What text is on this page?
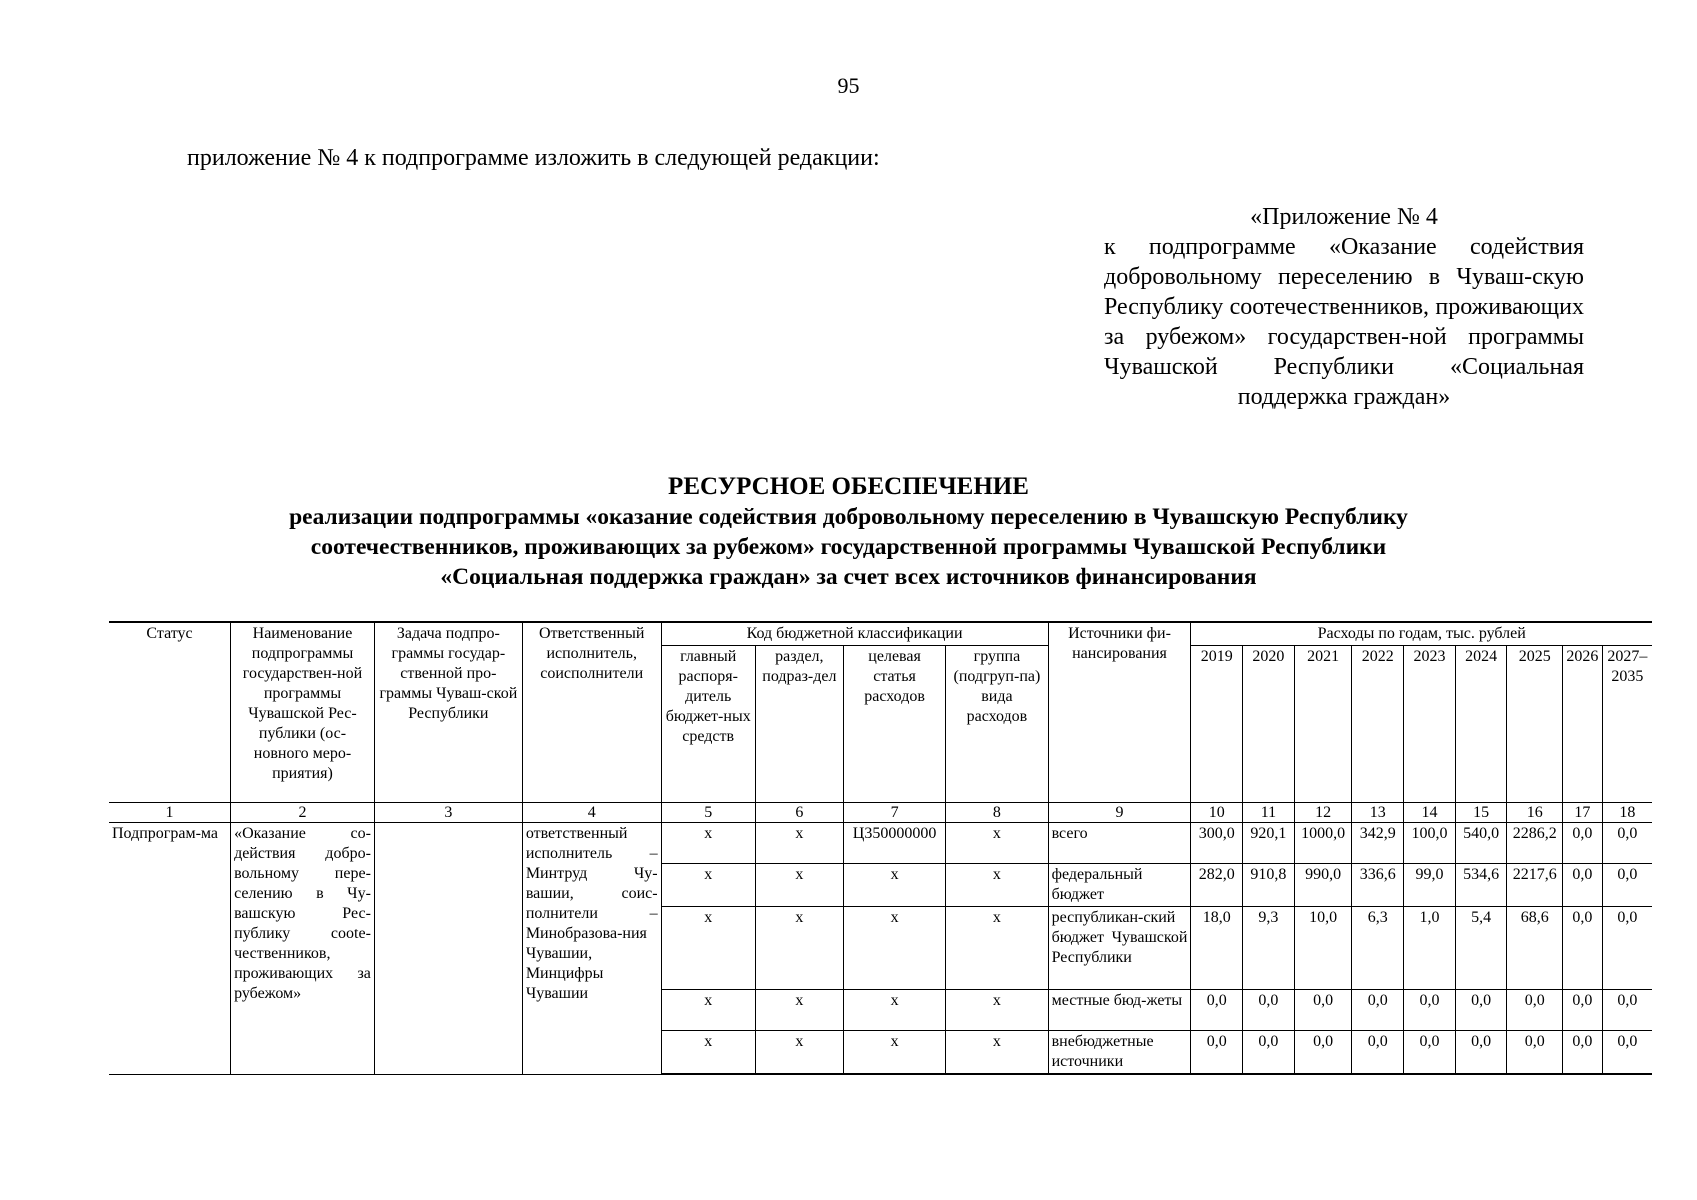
95
приложение № 4 к подпрограмме изложить в следующей редакции:
«Приложение № 4
к подпрограмме «Оказание содействия добровольному переселению в Чуваш-скую Республику соотечественников, проживающих за рубежом» государствен-ной программы Чувашской Республики «Социальная поддержка граждан»
РЕСУРСНОЕ ОБЕСПЕЧЕНИЕ
реализации подпрограммы «оказание содействия добровольному переселению в Чувашскую Республику
соотечественников, проживающих за рубежом» государственной программы Чувашской Республики
«Социальная поддержка граждан» за счет всех источников финансирования
Статус	Наименование подпрограммы государствен-ной программы Чувашской Рес-публики (ос-новного меро-приятия)	Задача подпро-граммы государ-ственной про-граммы Чуваш-ской Республики	Ответственный исполнитель, соисполнители	Код бюджетной классификации				Источники фи-нансирования	Расходы по годам, тыс. рублей								
				главный распоря-дитель бюджет-ных средств	раздел, подраз-дел	целевая статья расходов	группа (подгруп-па) вида расходов		2019	2020	2021	2022	2023	2024	2025	2026	2027–2035
1	2	3	4	5	6	7	8	9	10	11	12	13	14	15	16	17	18
Подпрограм-ма	«Оказание со-действия добро-вольному пере-селению в Чу-вашскую Рес-публику соote-чественников, проживающих за рубежом»		ответственный исполнитель – Минтруд Чу-вашии, соис-полнители – Минобразова-ния Чувашии, Минцифры Чувашии	х	х	Ц350000000	х	всего	300,0	920,1	1000,0	342,9	100,0	540,0	2286,2	0,0	0,0
				х	х	х	х	федеральный бюджет	282,0	910,8	990,0	336,6	99,0	534,6	2217,6	0,0	0,0
				х	х	х	х	республикан-ский бюджет Чувашской Республики	18,0	9,3	10,0	6,3	1,0	5,4	68,6	0,0	0,0
				х	х	х	х	местные бюд-жеты	0,0	0,0	0,0	0,0	0,0	0,0	0,0	0,0	0,0
				х	х	х	х	внебюджетные источники	0,0	0,0	0,0	0,0	0,0	0,0	0,0	0,0	0,0
